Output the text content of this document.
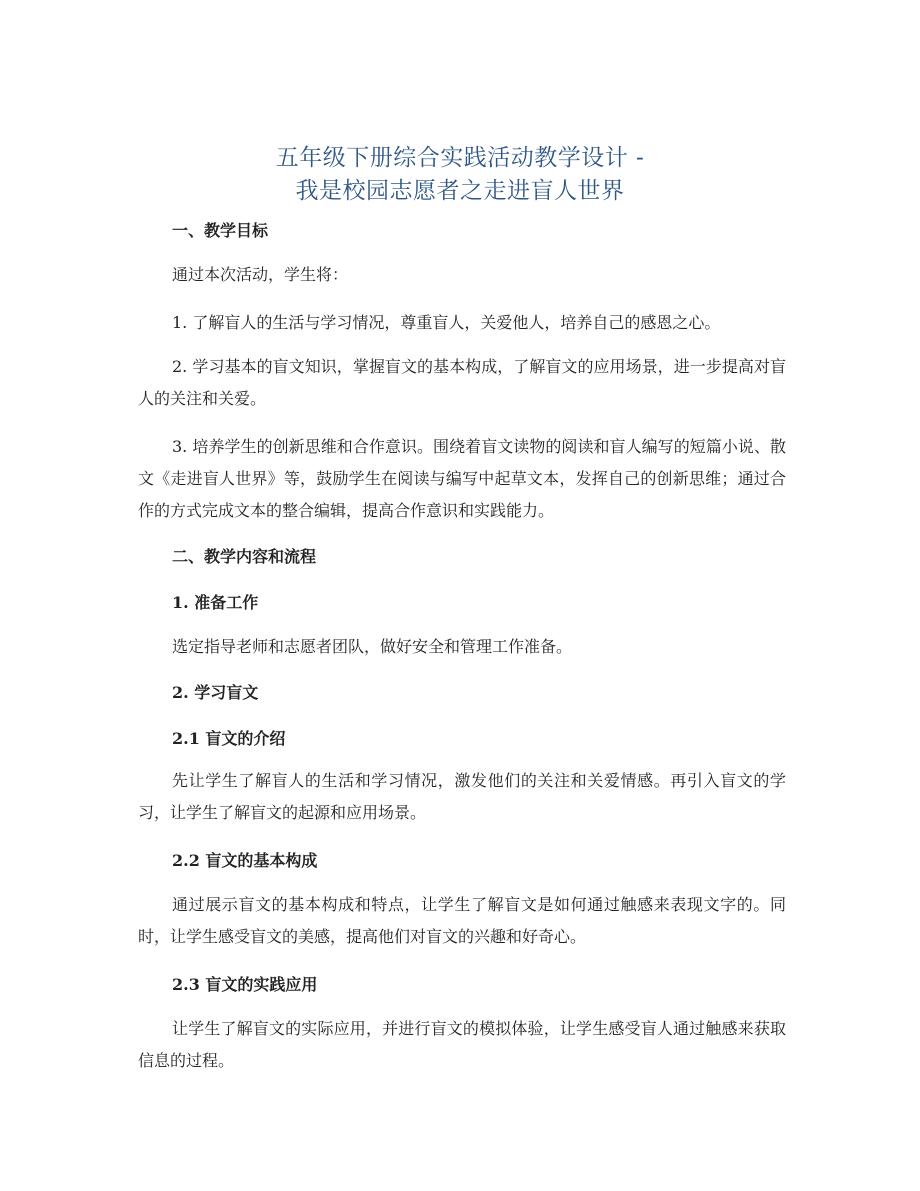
五年级下册综合实践活动教学设计 -
我是校园志愿者之走进盲人世界
一、教学目标
通过本次活动，学生将：
1. 了解盲人的生活与学习情况，尊重盲人，关爱他人，培养自己的感恩之心。
2. 学习基本的盲文知识，掌握盲文的基本构成，了解盲文的应用场景，进一步提高对盲人的关注和关爱。
3. 培养学生的创新思维和合作意识。围绕着盲文读物的阅读和盲人编写的短篇小说、散文《走进盲人世界》等，鼓励学生在阅读与编写中起草文本，发挥自己的创新思维；通过合作的方式完成文本的整合编辑，提高合作意识和实践能力。
二、教学内容和流程
1. 准备工作
选定指导老师和志愿者团队，做好安全和管理工作准备。
2. 学习盲文
2.1 盲文的介绍
先让学生了解盲人的生活和学习情况，激发他们的关注和关爱情感。再引入盲文的学习，让学生了解盲文的起源和应用场景。
2.2 盲文的基本构成
通过展示盲文的基本构成和特点，让学生了解盲文是如何通过触感来表现文字的。同时，让学生感受盲文的美感，提高他们对盲文的兴趣和好奇心。
2.3 盲文的实践应用
让学生了解盲文的实际应用，并进行盲文的模拟体验，让学生感受盲人通过触感来获取信息的过程。
